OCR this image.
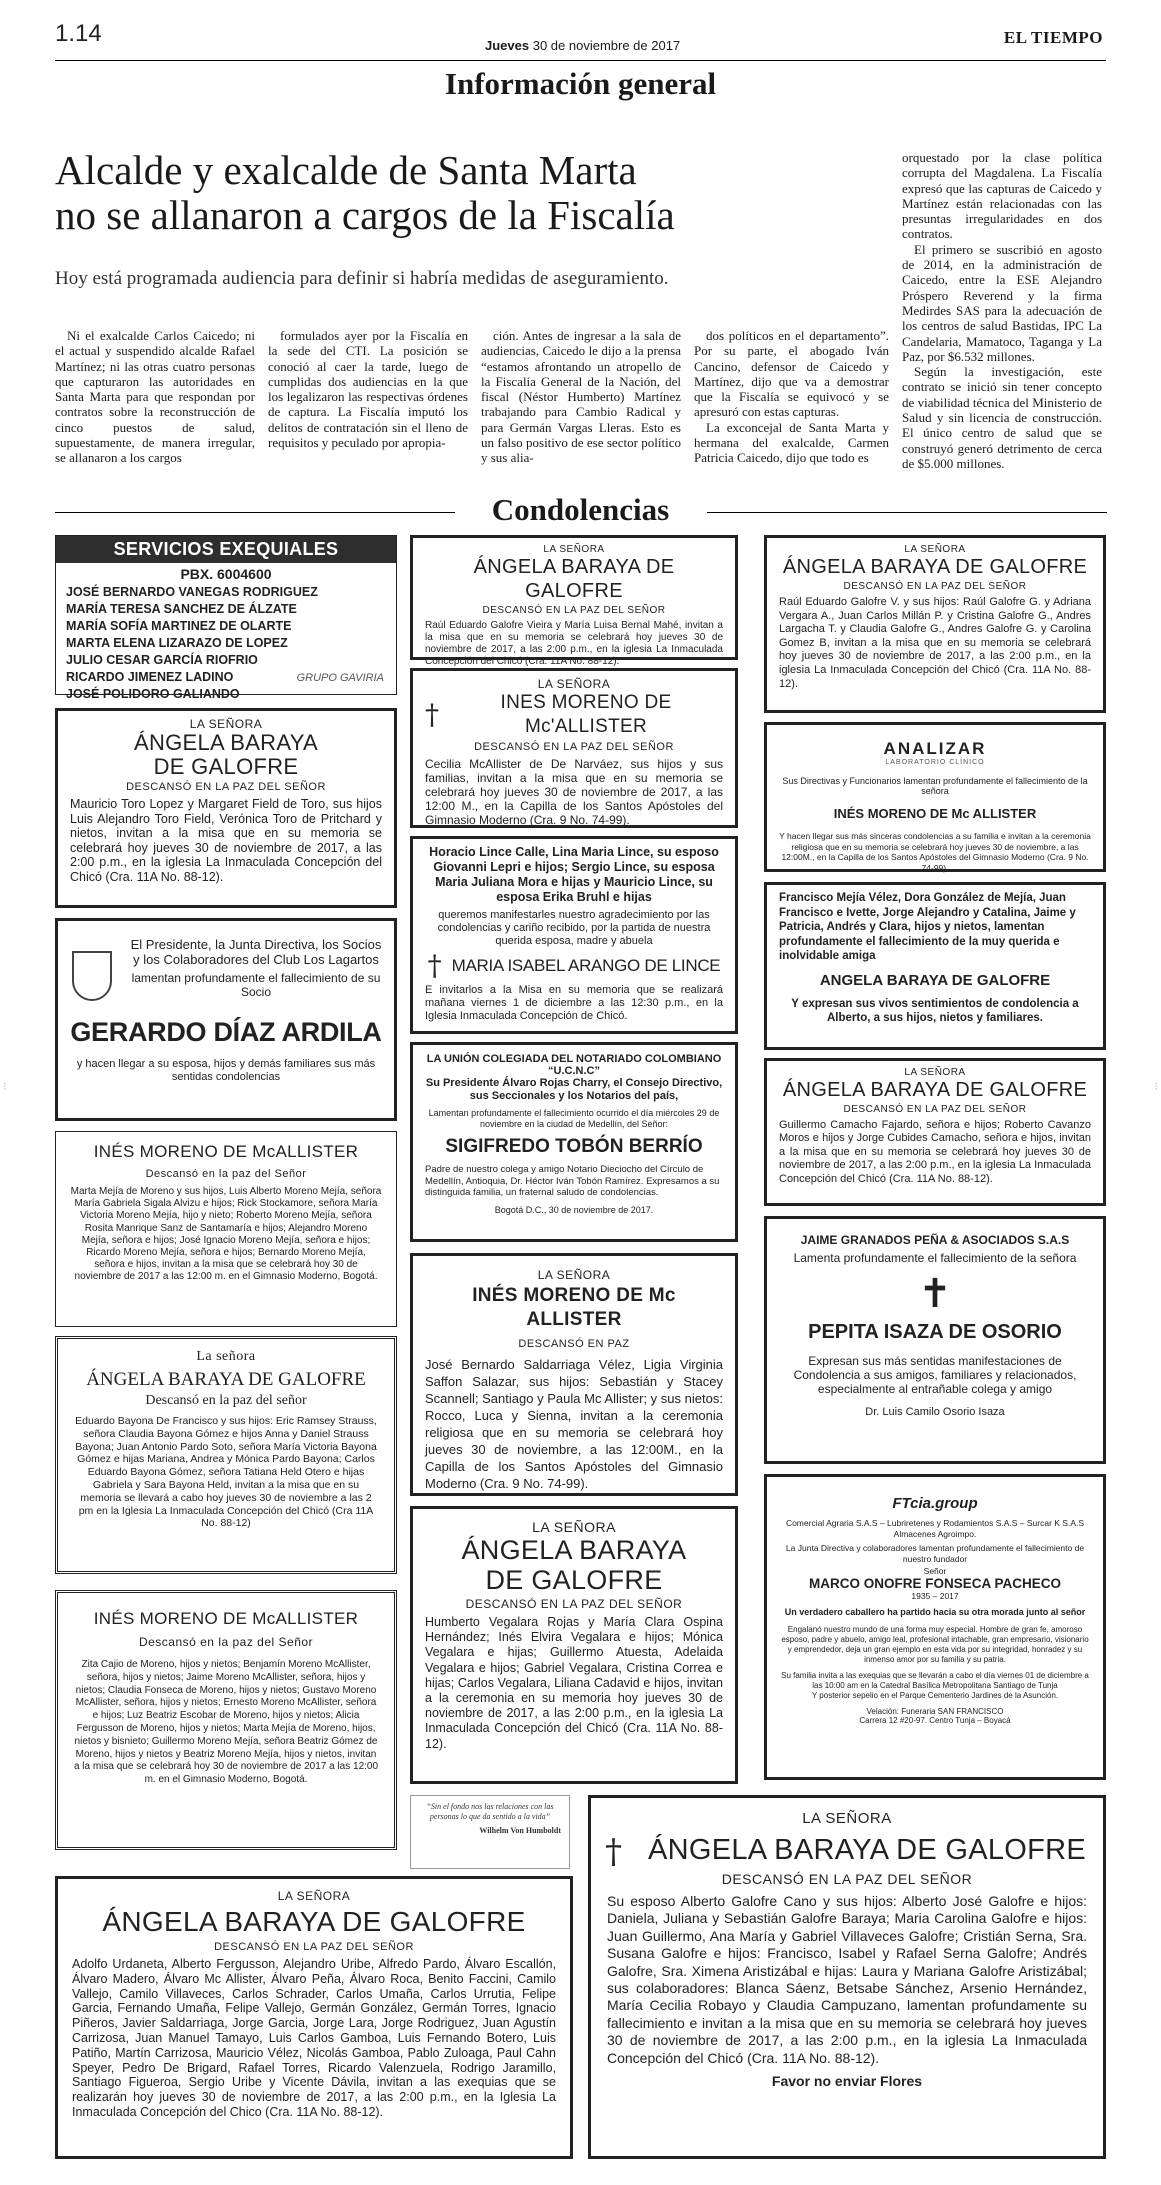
1.14	Jueves 30 de noviembre de 2017	EL TIEMPO
Información general
Alcalde y exalcalde de Santa Marta
no se allanaron a cargos de la Fiscalía
Hoy está programada audiencia para definir si habría medidas de aseguramiento.

Ni el exalcalde Carlos Caicedo; ni el actual y suspendido alcalde Rafael Martínez; ni las otras cuatro personas que capturaron las autoridades en Santa Marta para que respondan por contratos sobre la reconstrucción de cinco puestos de salud, supuestamente, de manera irregular, se allanaron a los cargos

formulados ayer por la Fiscalía en la sede del CTI. La posición se conoció al caer la tarde, luego de cumplidas dos audiencias en la que los legalizaron las respectivas órdenes de captura. La Fiscalía imputó los delitos de contratación sin el lleno de requisitos y peculado por apropia-

ción. Antes de ingresar a la sala de audiencias, Caicedo le dijo a la prensa “estamos afrontando un atropello de la Fiscalía General de la Nación, del fiscal (Néstor Humberto) Martínez trabajando para Cambio Radical y para Germán Vargas Lleras. Esto es un falso positivo de ese sector político y sus alia-

dos políticos en el departamento”. Por su parte, el abogado Iván Cancino, defensor de Caicedo y Martínez, dijo que va a demostrar que la Fiscalía se equivocó y se apresuró con estas capturas.

La exconcejal de Santa Marta y hermana del exalcalde, Carmen Patricia Caicedo, dijo que todo es

orquestado por la clase política corrupta del Magdalena. La Fiscalía expresó que las capturas de Caicedo y Martínez están relacionadas con las presuntas irregularidades en dos contratos.

El primero se suscribió en agosto de 2014, en la administración de Caicedo, entre la ESE Alejandro Próspero Reverend y la firma Medirdes SAS para la adecuación de los centros de salud Bastidas, IPC La Candelaria, Mamatoco, Taganga y La Paz, por $6.532 millones.

Según la investigación, este contrato se inició sin tener concepto de viabilidad técnica del Ministerio de Salud y sin licencia de construcción. El único centro de salud que se construyó generó detrimento de cerca de $5.000 millones.

Condolencias
SERVICIOS EXEQUIALES
PBX. 6004600
JOSÉ BERNARDO VANEGAS RODRIGUEZ
MARÍA TERESA SANCHEZ DE ÁLZATE
MARÍA SOFÍA MARTINEZ DE OLARTE
MARTA ELENA LIZARAZO DE LOPEZ
JULIO CESAR GARCÍA RIOFRIO
RICARDO JIMENEZ LADINO
JOSÉ POLIDORO GALIANDO
GRUPO GAVIRIA
LA SEÑORA
ÁNGELA BARAYA
DE GALOFRE
DESCANSÓ EN LA PAZ DEL SEÑOR
Mauricio Toro Lopez y Margaret Field de Toro, sus hijos Luis Alejandro Toro Field, Verónica Toro de Pritchard y nietos, invitan a la misa que en su memoria se celebrará hoy jueves 30 de noviembre de 2017, a las 2:00 p.m., en la iglesia La Inmaculada Concepción del Chicó (Cra. 11A No. 88-12).
El Presidente, la Junta Directiva, los Socios y los Colaboradores del Club Los Lagartos
lamentan profundamente el fallecimiento de su Socio
GERARDO DÍAZ ARDILA
y hacen llegar a su esposa, hijos y demás familiares sus más sentidas condolencias
INÉS MORENO DE McALLISTER
Descansó en la paz del Señor
Marta Mejía de Moreno y sus hijos, Luis Alberto Moreno Mejía, señora María Gabriela Sigala Alvizu e hijos; Rick Stockamore, señora María Victoria Moreno Mejía, hijo y nieto; Roberto Moreno Mejía, señora Rosita Manrique Sanz de Santamaría e hijos; Alejandro Moreno Mejía, señora e hijos; José Ignacio Moreno Mejía, señora e hijos; Ricardo Moreno Mejía, señora e hijos; Bernardo Moreno Mejía, señora e hijos, invitan a la misa que se celebrará hoy 30 de noviembre de 2017 a las 12:00 m. en el Gimnasio Moderno, Bogotá.
La señora
ÁNGELA BARAYA DE GALOFRE
Descansó en la paz del señor
Eduardo Bayona De Francisco y sus hijos: Eric Ramsey Strauss, señora Claudia Bayona Gómez e hijos Anna y Daniel Strauss Bayona; Juan Antonio Pardo Soto, señora María Victoria Bayona Gómez e hijas Mariana, Andrea y Mónica Pardo Bayona; Carlos Eduardo Bayona Gómez, señora Tatiana Held Otero e hijas Gabriela y Sara Bayona Held, invitan a la misa que en su memoria se llevará a cabo hoy jueves 30 de noviembre a las 2 pm en la Iglesia La Inmaculada Concepción del Chicó (Cra 11A No. 88-12)
INÉS MORENO DE McALLISTER
Descansó en la paz del Señor
Zita Cajio de Moreno, hijos y nietos; Benjamín Moreno McAllister, señora, hijos y nietos; Jaime Moreno McAllister, señora, hijos y nietos; Claudia Fonseca de Moreno, hijos y nietos; Gustavo Moreno McAllister, señora, hijos y nietos; Ernesto Moreno McAllister, señora e hijos; Luz Beatriz Escobar de Moreno, hijos y nietos; Alicia Fergusson de Moreno, hijos y nietos; Marta Mejía de Moreno, hijos, nietos y bisnieto; Guillermo Moreno Mejía, señora Beatriz Gómez de Moreno, hijos y nietos y Beatriz Moreno Mejía, hijos y nietos, invitan a la misa que se celebrará hoy 30 de noviembre de 2017 a las 12:00 m. en el Gimnasio Moderno, Bogotá.
LA SEÑORA
ÁNGELA BARAYA DE GALOFRE
DESCANSÓ EN LA PAZ DEL SEÑOR
Raúl Eduardo Galofre Vieira y María Luisa Bernal Mahé, invitan a la misa que en su memoria se celebrará hoy jueves 30 de noviembre de 2017, a las 2:00 p.m., en la iglesia La Inmaculada Concepción del Chicó (Cra. 11A No. 88-12).
LA SEÑORA
†	INES MORENO DE Mc'ALLISTER
DESCANSÓ EN LA PAZ DEL SEÑOR
Cecilia McAllister de De Narváez, sus hijos y sus familias, invitan a la misa que en su memoria se celebrará hoy jueves 30 de noviembre de 2017, a las 12:00 M., en la Capilla de los Santos Apóstoles del Gimnasio Moderno (Cra. 9 No. 74-99).
Horacio Lince Calle, Lina Maria Lince, su esposo Giovanni Lepri e hijos; Sergio Lince, su esposa Maria Juliana Mora e hijas y Mauricio Lince, su esposa Erika Bruhl e hijas
queremos manifestarles nuestro agradecimiento por las condolencias y cariño recibido, por la partida de nuestra querida esposa, madre y abuela
† MARIA ISABEL ARANGO DE LINCE
E invitarlos a la Misa en su memoria que se realizará mañana viernes 1 de diciembre a las 12:30 p.m., en la Iglesia Inmaculada Concepción de Chicó.
LA UNIÓN COLEGIADA DEL NOTARIADO COLOMBIANO “U.C.N.C”
Su Presidente Álvaro Rojas Charry, el Consejo Directivo, sus Seccionales y los Notarios del país,
Lamentan profundamente el fallecimiento ocurrido el día miércoles 29 de noviembre en la ciudad de Medellín, del Señor:
SIGIFREDO TOBÓN BERRÍO
Padre de nuestro colega y amigo Notario Dieciocho del Círculo de Medellín, Antioquia, Dr. Héctor Iván Tobón Ramírez. Expresamos a su distinguida familia, un fraternal saludo de condolencias.
Bogotá D.C., 30 de noviembre de 2017.
LA SEÑORA
INÉS MORENO DE Mc ALLISTER
DESCANSÓ EN PAZ
José Bernardo Saldarriaga Vélez, Ligia Virginia Saffon Salazar, sus hijos: Sebastián y Stacey Scannell; Santiago y Paula Mc Allister; y sus nietos: Rocco, Luca y Sienna, invitan a la ceremonia religiosa que en su memoria se celebrará hoy jueves 30 de noviembre, a las 12:00M., en la Capilla de los Santos Apóstoles del Gimnasio Moderno (Cra. 9 No. 74-99).
LA SEÑORA
ÁNGELA BARAYA
DE GALOFRE
DESCANSÓ EN LA PAZ DEL SEÑOR
Humberto Vegalara Rojas y María Clara Ospina Hernández; Inés Elvira Vegalara e hijos; Mónica Vegalara e hijas; Guillermo Atuesta, Adelaida Vegalara e hijos; Gabriel Vegalara, Cristina Correa e hijas; Carlos Vegalara, Liliana Cadavid e hijos, invitan a la ceremonia en su memoria hoy jueves 30 de noviembre de 2017, a las 2:00 p.m., en la iglesia La Inmaculada Concepción del Chicó (Cra. 11A No. 88-12).
“Sin el fondo nos las relaciones con las personas lo que da sentido a la vida”
Wilhelm Von Humboldt
LA SEÑORA
ÁNGELA BARAYA DE GALOFRE
DESCANSÓ EN LA PAZ DEL SEÑOR
Raúl Eduardo Galofre V. y sus hijos: Raúl Galofre G. y Adriana Vergara A., Juan Carlos Millán P. y Cristina Galofre G., Andres Largacha T. y Claudia Galofre G., Andres Galofre G. y Carolina Gomez B, invitan a la misa que en su memoria se celebrará hoy jueves 30 de noviembre de 2017, a las 2:00 p.m., en la iglesia La Inmaculada Concepción del Chicó (Cra. 11A No. 88-12).
ANALIZAR
LABORATORIO CLÍNICO
Sus Directivas y Funcionarios lamentan profundamente el fallecimiento de la señora
INÉS MORENO DE Mc ALLISTER
Y hacen llegar sus más sinceras condolencias a su familia e invitan a la ceremonia religiosa que en su memoria se celebrará hoy jueves 30 de noviembre, a las 12:00M., en la Capilla de los Santos Apóstoles del Gimnasio Moderno (Cra. 9 No. 74-99).
Francisco Mejía Vélez, Dora González de Mejía, Juan Francisco e Ivette, Jorge Alejandro y Catalina, Jaime y Patricia, Andrés y Clara, hijos y nietos, lamentan profundamente el fallecimiento de la muy querida e inolvidable amiga
ANGELA BARAYA DE GALOFRE
Y expresan sus vivos sentimientos de condolencia a Alberto, a sus hijos, nietos y familiares.
LA SEÑORA
ÁNGELA BARAYA DE GALOFRE
DESCANSÓ EN LA PAZ DEL SEÑOR
Guillermo Camacho Fajardo, señora e hijos; Roberto Cavanzo Moros e hijos y Jorge Cubides Camacho, señora e hijos, invitan a la misa que en su memoria se celebrará hoy jueves 30 de noviembre de 2017, a las 2:00 p.m., en la iglesia La Inmaculada Concepción del Chicó (Cra. 11A No. 88-12).
JAIME GRANADOS PEÑA & ASOCIADOS S.A.S
Lamenta profundamente el fallecimiento de la señora
✝
PEPITA ISAZA DE OSORIO
Expresan sus más sentidas manifestaciones de Condolencia a sus amigos, familiares y relacionados, especialmente al entrañable colega y amigo
Dr. Luis Camilo Osorio Isaza
FTcia.group
Comercial Agraria S.A.S – Lubriretenes y Rodamientos S.A.S – Surcar K S.A.S Almacenes Agroimpo.
La Junta Directiva y colaboradores lamentan profundamente el fallecimiento de nuestro fundador
Señor
MARCO ONOFRE FONSECA PACHECO
1935 – 2017
Un verdadero caballero ha partido hacia su otra morada junto al señor
Engalanó nuestro mundo de una forma muy especial. Hombre de gran fe, amoroso esposo, padre y abuelo, amigo leal, profesional intachable, gran empresario, visionario y emprendedor, deja un gran ejemplo en esta vida por su integridad, honradez y su inmenso amor por su familia y su patria.
Su familia invita a las exequias que se llevarán a cabo el día viernes 01 de diciembre a las 10:00 am en la Catedral Basílica Metropolitana Santiago de Tunja
Y posterior sepelio en el Parque Cementerio Jardines de la Asunción.
Velación: Funeraria SAN FRANCISCO
Carrera 12 #20-97. Centro Tunja – Boyacá
LA SEÑORA
ÁNGELA BARAYA DE GALOFRE
DESCANSÓ EN LA PAZ DEL SEÑOR
Adolfo Urdaneta, Alberto Fergusson, Alejandro Uribe, Alfredo Pardo, Álvaro Escallón, Álvaro Madero, Álvaro Mc Allister, Álvaro Peña, Álvaro Roca, Benito Faccini, Camilo Vallejo, Camilo Villaveces, Carlos Schrader, Carlos Umaña, Carlos Urrutia, Felipe Garcia, Fernando Umaña, Felipe Vallejo, Germán González, Germán Torres, Ignacio Piñeros, Javier Saldarriaga, Jorge Garcia, Jorge Lara, Jorge Rodriguez, Juan Agustín Carrizosa, Juan Manuel Tamayo, Luis Carlos Gamboa, Luis Fernando Botero, Luis Patiño, Martín Carrizosa, Mauricio Vélez, Nicolás Gamboa, Pablo Zuloaga, Paul Cahn Speyer, Pedro De Brigard, Rafael Torres, Ricardo Valenzuela, Rodrigo Jaramillo, Santiago Figueroa, Sergio Uribe y Vicente Dávila, invitan a las exequias que se realizarán hoy jueves 30 de noviembre de 2017, a las 2:00 p.m., en la Iglesia La Inmaculada Concepción del Chico (Cra. 11A No. 88-12).
LA SEÑORA
† ÁNGELA BARAYA DE GALOFRE
DESCANSÓ EN LA PAZ DEL SEÑOR
Su esposo Alberto Galofre Cano y sus hijos: Alberto José Galofre e hijos: Daniela, Juliana y Sebastián Galofre Baraya; Maria Carolina Galofre e hijos: Juan Guillermo, Ana María y Gabriel Villaveces Galofre; Cristián Serna, Sra. Susana Galofre e hijos: Francisco, Isabel y Rafael Serna Galofre; Andrés Galofre, Sra. Ximena Aristizábal e hijas: Laura y Mariana Galofre Aristizábal; sus colaboradores: Blanca Sáenz, Betsabe Sánchez, Arsenio Hernández, María Cecilia Robayo y Claudia Campuzano, lamentan profundamente su fallecimiento e invitan a la misa que en su memoria se celebrará hoy jueves 30 de noviembre de 2017, a las 2:00 p.m., en la iglesia La Inmaculada Concepción del Chicó (Cra. 11A No. 88-12).
Favor no enviar Flores
⁝	⁝
